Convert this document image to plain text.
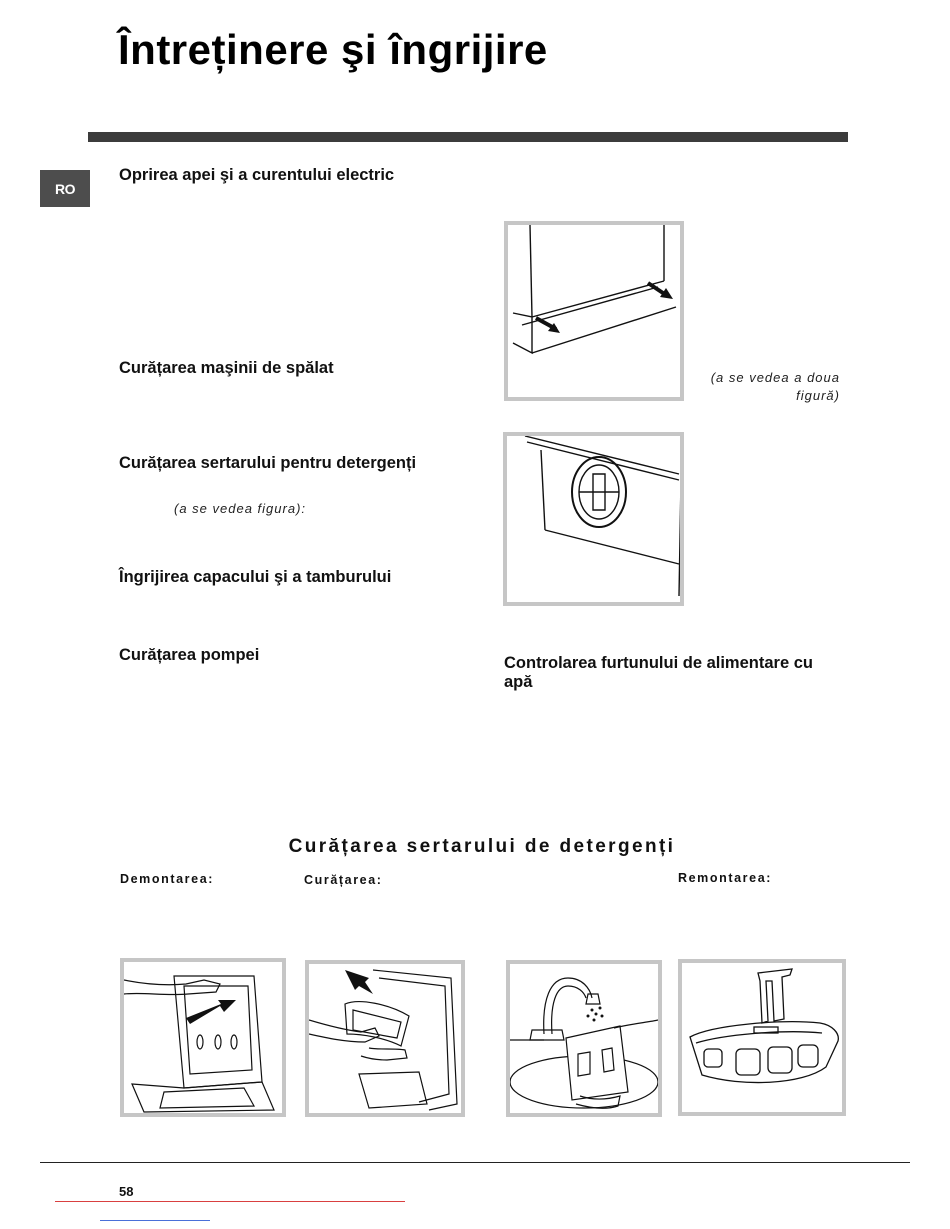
Întreținere şi îngrijire
RO
Oprirea apei şi a curentului electric
Curățarea maşinii de spălat
Curățarea sertarului pentru detergenți
(a se vedea figura):
Îngrijirea capacului şi a tamburului
Curățarea pompei
(a se vedea a doua figură)
Controlarea furtunului de alimentare cu apă
Curățarea sertarului de detergenți
Demontarea:	Curățarea:	Remontarea:
58
